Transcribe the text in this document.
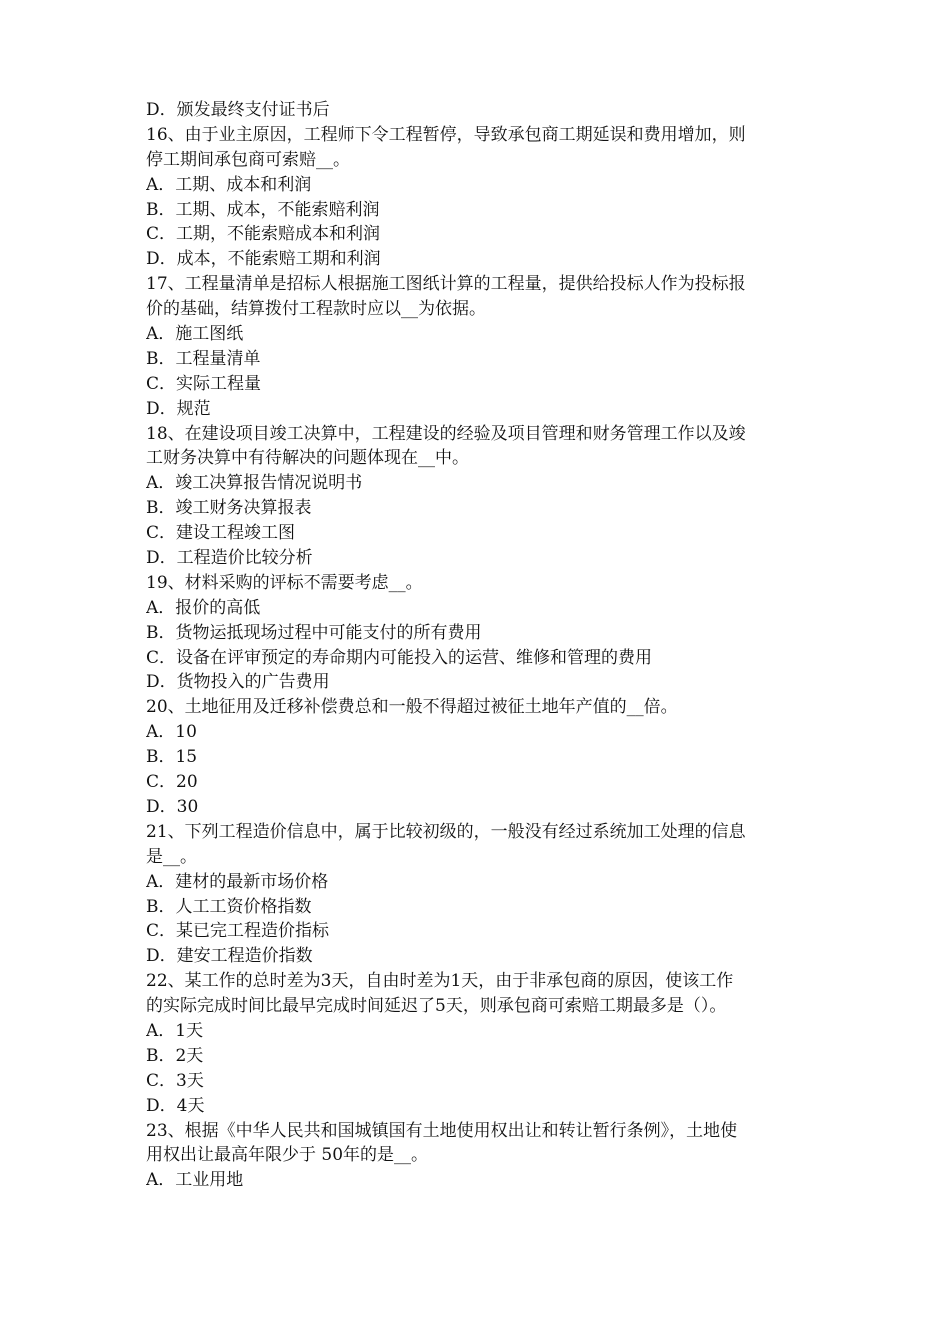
D．颁发最终支付证书后
16、由于业主原因，工程师下令工程暂停，导致承包商工期延误和费用增加，则
停工期间承包商可索赔__。
A．工期、成本和利润
B．工期、成本，不能索赔利润
C．工期，不能索赔成本和利润
D．成本，不能索赔工期和利润
17、工程量清单是招标人根据施工图纸计算的工程量，提供给投标人作为投标报
价的基础，结算拨付工程款时应以__为依据。
A．施工图纸
B．工程量清单
C．实际工程量
D．规范
18、在建设项目竣工决算中，工程建设的经验及项目管理和财务管理工作以及竣
工财务决算中有待解决的问题体现在__中。
A．竣工决算报告情况说明书
B．竣工财务决算报表
C．建设工程竣工图
D．工程造价比较分析
19、材料采购的评标不需要考虑__。
A．报价的高低
B．货物运抵现场过程中可能支付的所有费用
C．设备在评审预定的寿命期内可能投入的运营、维修和管理的费用
D．货物投入的广告费用
20、土地征用及迁移补偿费总和一般不得超过被征土地年产值的__倍。
A．10
B．15
C．20
D．30
21、下列工程造价信息中，属于比较初级的，一般没有经过系统加工处理的信息
是__。
A．建材的最新市场价格
B．人工工资价格指数
C．某已完工程造价指标
D．建安工程造价指数
22、某工作的总时差为3天，自由时差为1天，由于非承包商的原因，使该工作
的实际完成时间比最早完成时间延迟了5天，则承包商可索赔工期最多是（）。
A．1天
B．2天
C．3天
D．4天
23、根据《中华人民共和国城镇国有土地使用权出让和转让暂行条例》，土地使
用权出让最高年限少于 50年的是__。
A．工业用地
